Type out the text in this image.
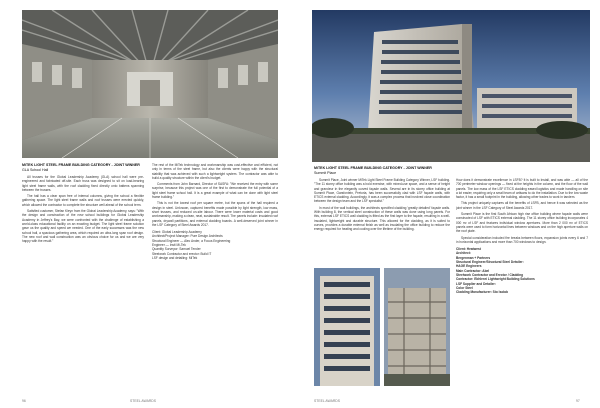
MiTEK LIGHT STEEL FRAME BUILDING CATEGORY - JOINT WINNER
GLA School Hall

All trusses for the Global Leadership Academy (GLA) school hall were pre-engineered and fabricated off-site. Each truss was designed to sit on load-bearing light steel frame walls, with the roof cladding fixed directly onto battens spanning between the trusses.

The hall has a clear span free of internal columns, giving the school a flexible gathering space. The light steel frame walls and roof trusses were erected quickly, which allowed the contractor to complete the structure well ahead of the school term.

Satisfied customer, Stefan Kleyn from the Global Leadership Academy, says: "With the design and construction of the new school buildings for Global Leadership Academy in Jeffrey's Bay, we were confronted with the challenge of establishing a world-class educational facility on an exacting budget. The light steel frame solution gave us the quality and speed we needed. One of the early successes was the new school hall, a spacious gathering area, which required an ultra-long span roof design. The new roof and wall construction was an obvious choice for us and we are very happy with the result."

The rest of the MiTek technology and workmanship was cost-effective and efficient, not only in terms of the steel frame, but also the clients were happy with the structural stability that was achieved with such a lightweight system. The contractor was able to build a quality structure within the client's budget.

Comments from John Barnard, Director of SASFA: "We received the entry with some surprise, because this project was one of the first to demonstrate the full potential of a light steel frame school hall. It is a great example of what can be done with light steel frame building."

This is not the lowest roof per square metre, but the spans of the hall required a design in steel. Unknown, captured benefits made possible by light strength, low mass, short trusses, and reduced on-site labour. There were lower material costs and good workmanship, making a clean, neat, sustainable result. The panels include: insulated roof panels, drywall partitions, and external cladding boards. A well-deserved joint winner in the LSF Category of Steel Awards 2017.

Client: Global Leadership Academy
Architect/Project Manager: Pure Design Architects
Structural Engineer — Alec Ander, a Focus Engineering
Engineer — Insit Mi-Tek
Quantity Surveyor: Samuel Tender
Steelwork Contractor and erector: Build IT
LSF design and detailing: MiTek
96	STEEL AWARDS
MiTEK LIGHT STEEL FRAME BUILDING CATEGORY - JOINT WINNER
Summit Place

Summit Place, Joint winner MiTek Light Steel Frame Building Category Winner, LSF building. "The 11 storey office building was a bold exercise, with mixed-use space, and a sense of height and grandeur in the elegantly curved façade walls. Several are in its storey office building at Summit Place, Garsfontein, Pretoria, has been successfully clad with LSF façade walls, with ETICS external cladding. Accordingly, it was a complex process that involved close coordination between the design team and the LSF specialist."

In most of the wall buildings, the architects specified cladding 'greatly detailed' façade walls. With building 8, the vertical steel construction of these walls was done using long panels. For this, external LSF ETICS wall cladding is fitted as the first layer to the façade, resulting in a well-insulated, lightweight and durable structure. This allowed for the cladding, as it is suited to curves, provides a durable external finish as well as insulating the office building to reduce the energy required for heating and cooling over the lifetime of the building.

How does it demonstrate excellence in LSFB? It is built to Install, and was able — all of the 700 perimeter window openings — fixed at the heights in the column, and the floor of the wall panels. The low mass of the LSF ETICS cladding eased logistics and made handling on site a lot easier, requiring only a small team of artisans to do the installation. Due to the low waste factor, it has a small footprint in the building, allowing other trades to work in tandem.

This project uniquely captures all the benefits of LSFB, and hence it was selected as the joint winner in the LSF Category of Steel Awards 2017.

Summit Place is the first South African high rise office building where façade walls were constructed of LSF with ETICS external cladding. The 11 storey office building incorporates 4 000 m² of LSF and features individual window apertures. More than 2 000 m² of ETICS panels were used to form horizontal lines between windows and on the high aperture walls on the roof plate.

Special consideration included fire breaks between floors, expansion joints every 6 and 7 in horizontal applications and more than 700 windows to design.

Client: Heatwest
Architect:
Bergenman + Partners
Structural Engineer/Structural Steel Detailer:
HAGE Engineers
Main Contractor: Abel
Steelwork Contractor and Erector / Cladding
Contractor: Ebhlenri Lightweight Building Solutions
LSF Supplier and Detailer:
Color Steel
Cladding Manufacturer: Sto Isolab
STEEL AWARDS	97
